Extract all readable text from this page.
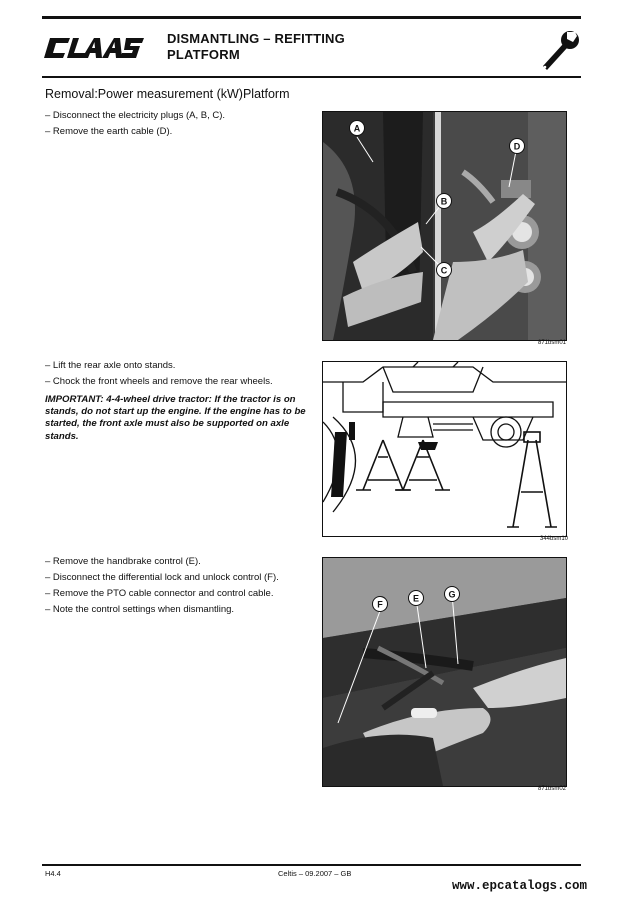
DISMANTLING – REFITTING
PLATFORM
Removal:Power measurement (kW)Platform
– Disconnect the electricity plugs (A, B, C).
– Remove the earth cable (D).	A
B
C
D
871bsm01
– Lift the rear axle onto stands.
– Chock the front wheels and remove the rear wheels.
IMPORTANT: 4-4-wheel drive tractor: If the tractor is on stands, do not start up the engine. If the engine has to be started, the front axle must also be supported on axle stands.
344bsm10
– Remove the handbrake control (E).
– Disconnect the differential lock and unlock control (F).
– Remove the PTO cable connector and control cable.
– Note the control settings when dismantling.	F
E	G
871bsm02
H4.4	Celtis – 09.2007 – GB
www.epcatalogs.com
